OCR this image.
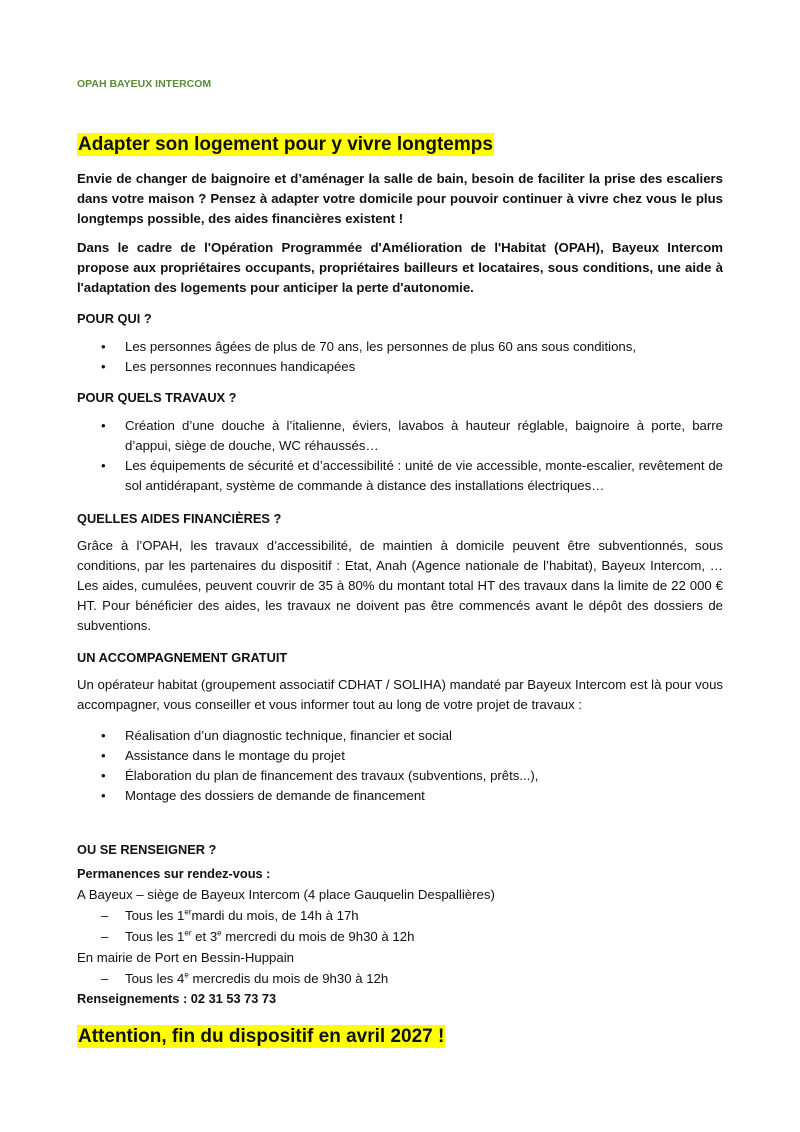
OPAH BAYEUX INTERCOM
Adapter son logement pour y vivre longtemps

Envie de changer de baignoire et d’aménager la salle de bain, besoin de faciliter la prise des escaliers dans votre maison ? Pensez à adapter votre domicile pour pouvoir continuer à vivre chez vous le plus longtemps possible, des aides financières existent !

Dans le cadre de l'Opération Programmée d'Amélioration de l'Habitat (OPAH), Bayeux Intercom propose aux propriétaires occupants, propriétaires bailleurs et locataires, sous conditions, une aide à l'adaptation des logements pour anticiper la perte d'autonomie.

POUR QUI ?

• Les personnes âgées de plus de 70 ans, les personnes de plus 60 ans sous conditions,
• Les personnes reconnues handicapées

POUR QUELS TRAVAUX ?

• Création d’une douche à l’italienne, éviers, lavabos à hauteur réglable, baignoire à porte, barre d’appui, siège de douche, WC réhaussés…
• Les équipements de sécurité et d’accessibilité : unité de vie accessible, monte-escalier, revêtement de sol antidérapant, système de commande à distance des installations électriques…

QUELLES AIDES FINANCIÈRES ?

Grâce à l’OPAH, les travaux d’accessibilité, de maintien à domicile peuvent être subventionnés, sous conditions, par les partenaires du dispositif : Etat, Anah (Agence nationale de l’habitat), Bayeux Intercom, … Les aides, cumulées, peuvent couvrir de 35 à 80% du montant total HT des travaux dans la limite de 22 000 € HT. Pour bénéficier des aides, les travaux ne doivent pas être commencés avant le dépôt des dossiers de subventions.

UN ACCOMPAGNEMENT GRATUIT

Un opérateur habitat (groupement associatif CDHAT / SOLIHA) mandaté par Bayeux Intercom est là pour vous accompagner, vous conseiller et vous informer tout au long de votre projet de travaux :

• Réalisation d’un diagnostic technique, financier et social
• Assistance dans le montage du projet
• Élaboration du plan de financement des travaux (subventions, prêts...),
• Montage des dossiers de demande de financement

OU SE RENSEIGNER ?

Permanences sur rendez-vous :

A Bayeux – siège de Bayeux Intercom (4 place Gauquelin Despallières)

– Tous les 1ermardi du mois, de 14h à 17h
– Tous les 1er et 3e mercredi du mois de 9h30 à 12h

En mairie de Port en Bessin-Huppain

– Tous les 4e mercredis du mois de 9h30 à 12h

Renseignements : 02 31 53 73 73

Attention, fin du dispositif en avril 2027 !
